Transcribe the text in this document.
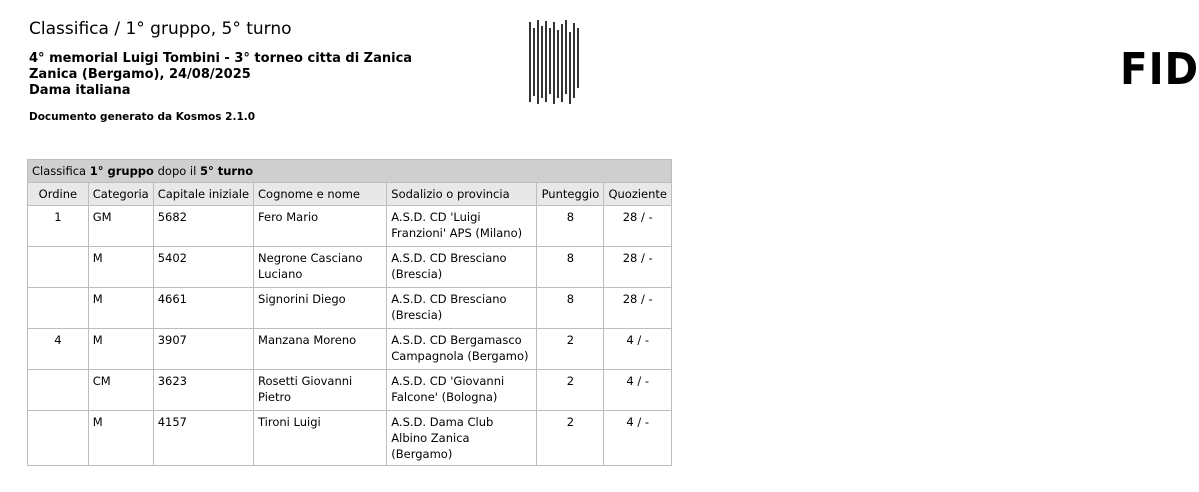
Classifica / 1° gruppo, 5° turno
4° memorial Luigi Tombini - 3° torneo citta di Zanica
Zanica (Bergamo), 24/08/2025
Dama italiana
Documento generato da Kosmos 2.1.0
FID
Classifica 1° gruppo dopo il 5° turno						
Ordine	Categoria	Capitale iniziale	Cognome e nome	Sodalizio o provincia	Punteggio	Quoziente
1	GM	5682	Fero Mario	A.S.D. CD 'Luigi Franzioni' APS (Milano)	8	28 / -
	M	5402	Negrone Casciano Luciano	A.S.D. CD Bresciano (Brescia)	8	28 / -
	M	4661	Signorini Diego	A.S.D. CD Bresciano (Brescia)	8	28 / -
4	M	3907	Manzana Moreno	A.S.D. CD Bergamasco Campagnola (Bergamo)	2	4 / -
	CM	3623	Rosetti Giovanni Pietro	A.S.D. CD 'Giovanni Falcone' (Bologna)	2	4 / -
	M	4157	Tironi Luigi	A.S.D. Dama Club Albino Zanica (Bergamo)	2	4 / -
